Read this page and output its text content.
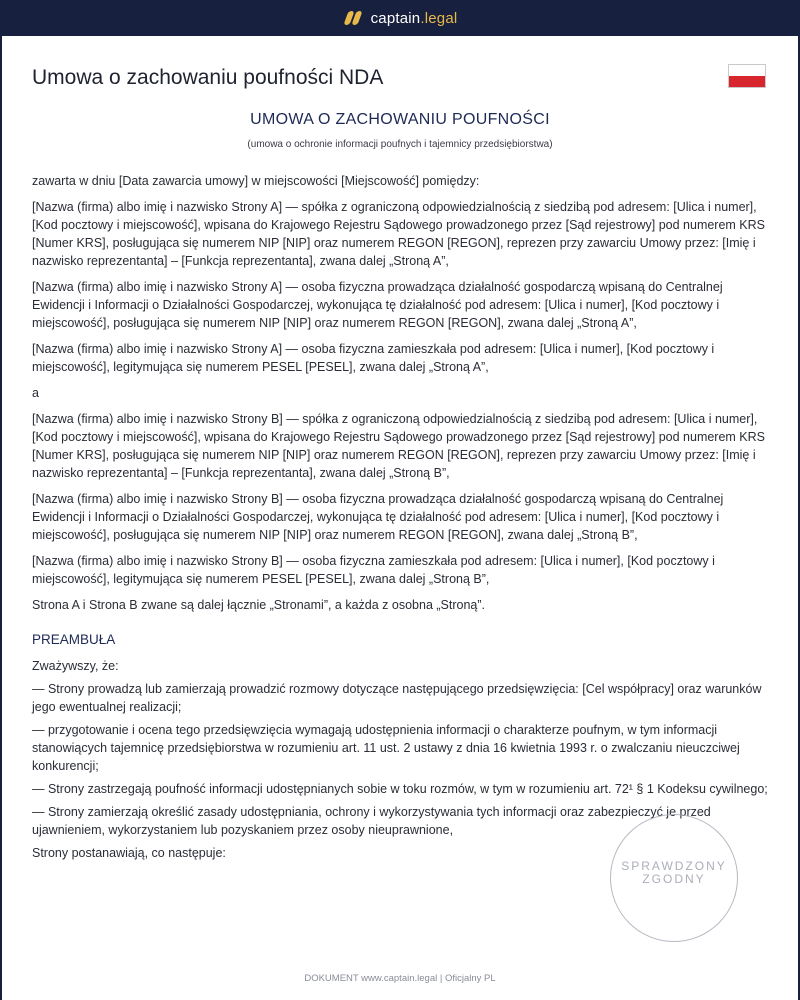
captain.legal
Umowa o zachowaniu poufności NDA
UMOWA O ZACHOWANIU POUFNOŚCI
(umowa o ochronie informacji poufnych i tajemnicy przedsiębiorstwa)

zawarta w dniu [Data zawarcia umowy] w miejscowości [Miejscowość] pomiędzy:

[Nazwa (firma) albo imię i nazwisko Strony A] — spółka z ograniczoną odpowiedzialnością z siedzibą pod adresem: [Ulica i numer], [Kod pocztowy i miejscowość], wpisana do Krajowego Rejestru Sądowego prowadzonego przez [Sąd rejestrowy] pod numerem KRS [Numer KRS], posługująca się numerem NIP [NIP] oraz numerem REGON [REGON], reprezen przy zawarciu Umowy przez: [Imię i nazwisko reprezentanta] – [Funkcja reprezentanta], zwana dalej „Stroną A”,

[Nazwa (firma) albo imię i nazwisko Strony A] — osoba fizyczna prowadząca działalność gospodarczą wpisaną do Centralnej Ewidencji i Informacji o Działalności Gospodarczej, wykonująca tę działalność pod adresem: [Ulica i numer], [Kod pocztowy i miejscowość], posługująca się numerem NIP [NIP] oraz numerem REGON [REGON], zwana dalej „Stroną A”,

[Nazwa (firma) albo imię i nazwisko Strony A] — osoba fizyczna zamieszkała pod adresem: [Ulica i numer], [Kod pocztowy i miejscowość], legitymująca się numerem PESEL [PESEL], zwana dalej „Stroną A”,

a

[Nazwa (firma) albo imię i nazwisko Strony B] — spółka z ograniczoną odpowiedzialnością z siedzibą pod adresem: [Ulica i numer], [Kod pocztowy i miejscowość], wpisana do Krajowego Rejestru Sądowego prowadzonego przez [Sąd rejestrowy] pod numerem KRS [Numer KRS], posługująca się numerem NIP [NIP] oraz numerem REGON [REGON], reprezen przy zawarciu Umowy przez: [Imię i nazwisko reprezentanta] – [Funkcja reprezentanta], zwana dalej „Stroną B”,

[Nazwa (firma) albo imię i nazwisko Strony B] — osoba fizyczna prowadząca działalność gospodarczą wpisaną do Centralnej Ewidencji i Informacji o Działalności Gospodarczej, wykonująca tę działalność pod adresem: [Ulica i numer], [Kod pocztowy i miejscowość], posługująca się numerem NIP [NIP] oraz numerem REGON [REGON], zwana dalej „Stroną B”,

[Nazwa (firma) albo imię i nazwisko Strony B] — osoba fizyczna zamieszkała pod adresem: [Ulica i numer], [Kod pocztowy i miejscowość], legitymująca się numerem PESEL [PESEL], zwana dalej „Stroną B”,

Strona A i Strona B zwane są dalej łącznie „Stronami”, a każda z osobna „Stroną”.

PREAMBUŁA

Zważywszy, że:

— Strony prowadzą lub zamierzają prowadzić rozmowy dotyczące następującego przedsięwzięcia: [Cel współpracy] oraz warunków jego ewentualnej realizacji;

— przygotowanie i ocena tego przedsięwzięcia wymagają udostępnienia informacji o charakterze poufnym, w tym informacji stanowiących tajemnicę przedsiębiorstwa w rozumieniu art. 11 ust. 2 ustawy z dnia 16 kwietnia 1993 r. o zwalczaniu nieuczciwej konkurencji;

— Strony zastrzegają poufność informacji udostępnianych sobie w toku rozmów, w tym w rozumieniu art. 72¹ § 1 Kodeksu cywilnego;

— Strony zamierzają określić zasady udostępniania, ochrony i wykorzystywania tych informacji oraz zabezpieczyć je przed ujawnieniem, wykorzystaniem lub pozyskaniem przez osoby nieuprawnione,

Strony postanawiają, co następuje:

SPRAWDZONY
ZGODNY
DOKUMENT www.captain.legal | Oficjalny PL
